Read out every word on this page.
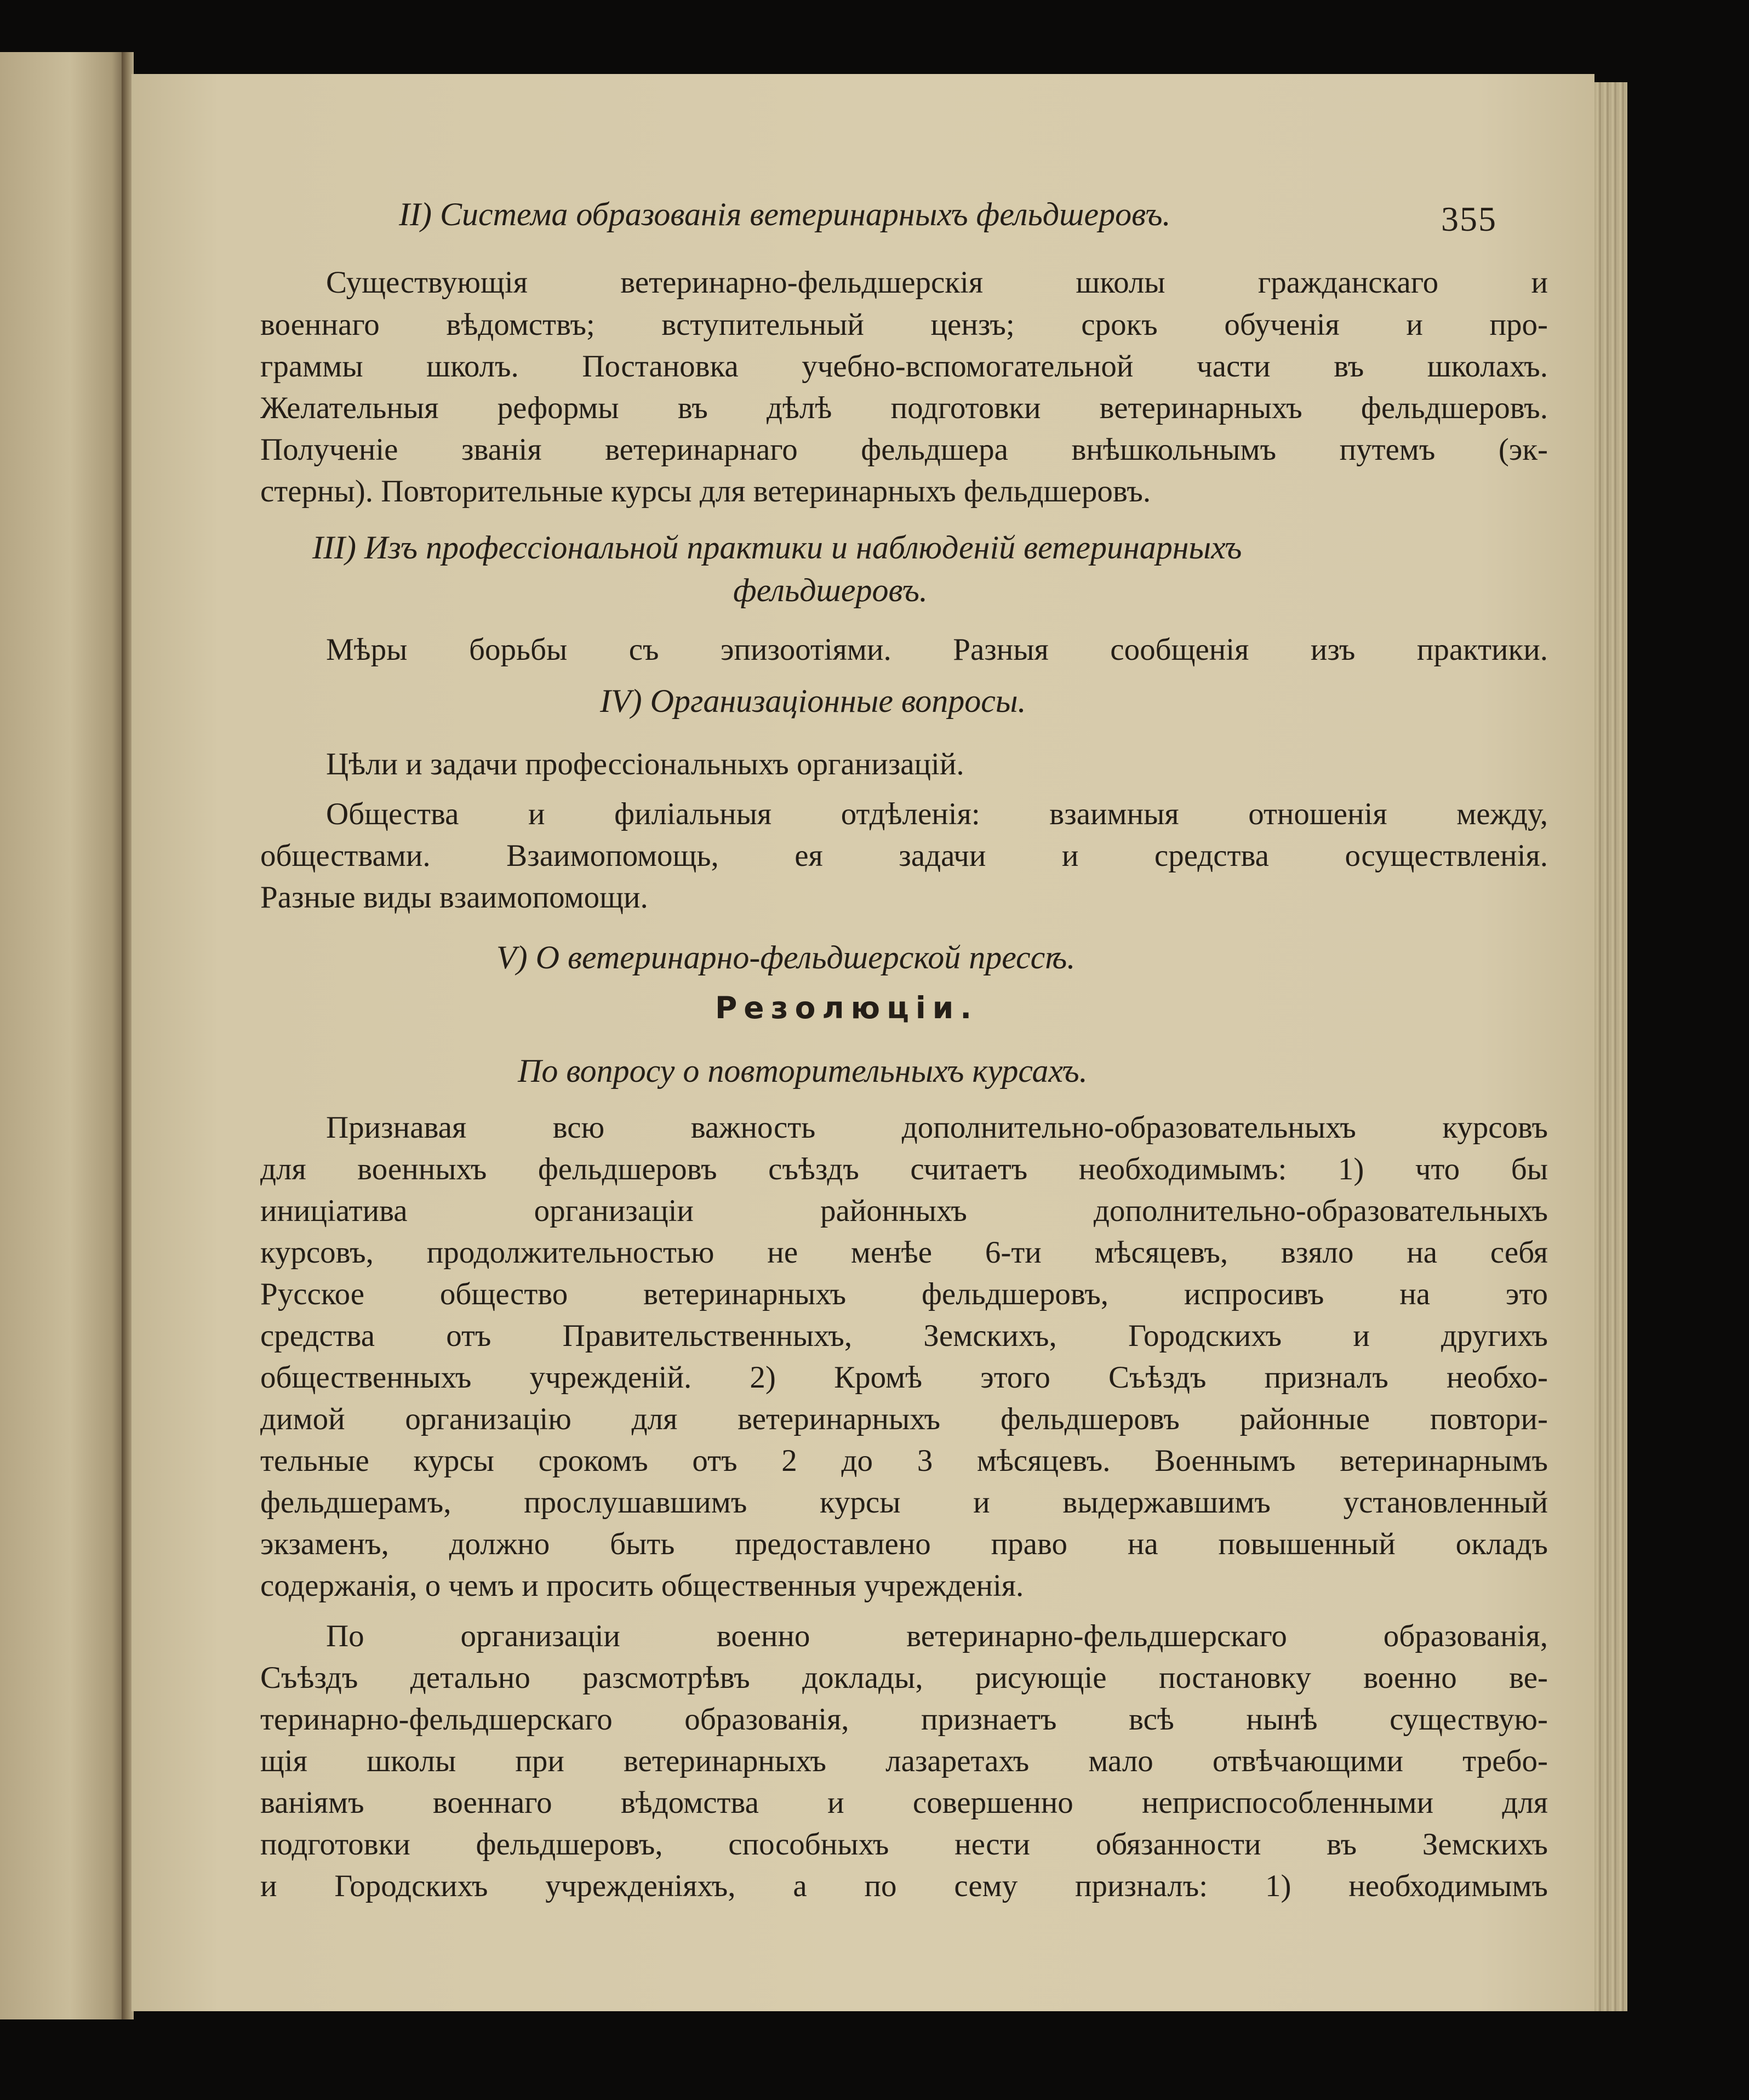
355
II) Система образованія ветеринарныхъ фельдшеровъ.
Существующія ветеринарно-фельдшерскія школы гражданскаго и
военнаго вѣдомствъ; вступительный цензъ; срокъ обученія и про-
граммы школъ. Постановка учебно-вспомогательной части въ школахъ.
Желательныя реформы въ дѣлѣ подготовки ветеринарныхъ фельдшеровъ.
Полученіе званія ветеринарнаго фельдшера внѣшкольнымъ путемъ (эк-
стерны). Повторительные курсы для ветеринарныхъ фельдшеровъ.
III) Изъ профессіональной практики и наблюденій ветеринарныхъ
фельдшеровъ.
Мѣры борьбы съ эпизоотіями. Разныя сообщенія изъ практики.
IV) Организаціонные вопросы.
Цѣли и задачи профессіональныхъ организацій.
Общества и филіальныя отдѣленія: взаимныя отношенія между,
обществами. Взаимопомощь, ея задачи и средства осуществленія.
Разные виды взаимопомощи.
V) О ветеринарно-фельдшерской прессѣ.
Резолюціи.
По вопросу о повторительныхъ курсахъ.
Признавая всю важность дополнительно-образовательныхъ курсовъ
для военныхъ фельдшеровъ съѣздъ считаетъ необходимымъ: 1) что бы
иниціатива организаціи районныхъ дополнительно-образовательныхъ
курсовъ, продолжительностью не менѣе 6-ти мѣсяцевъ, взяло на себя
Русское общество ветеринарныхъ фельдшеровъ, испросивъ на это
средства отъ Правительственныхъ, Земскихъ, Городскихъ и другихъ
общественныхъ учрежденій. 2) Кромѣ этого Съѣздъ призналъ необхо-
димой организацію для ветеринарныхъ фельдшеровъ районные повтори-
тельные курсы срокомъ отъ 2 до 3 мѣсяцевъ. Военнымъ ветеринарнымъ
фельдшерамъ, прослушавшимъ курсы и выдержавшимъ установленный
экзаменъ, должно быть предоставлено право на повышенный окладъ
содержанія, о чемъ и просить общественныя учрежденія.
По организаціи военно ветеринарно-фельдшерскаго образованія,
Съѣздъ детально разсмотрѣвъ доклады, рисующіе постановку военно ве-
теринарно-фельдшерскаго образованія, признаетъ всѣ нынѣ существую-
щія школы при ветеринарныхъ лазаретахъ мало отвѣчающими требо-
ваніямъ военнаго вѣдомства и совершенно неприспособленными для
подготовки фельдшеровъ, способныхъ нести обязанности въ Земскихъ
и Городскихъ учрежденіяхъ, а по сему призналъ: 1) необходимымъ
